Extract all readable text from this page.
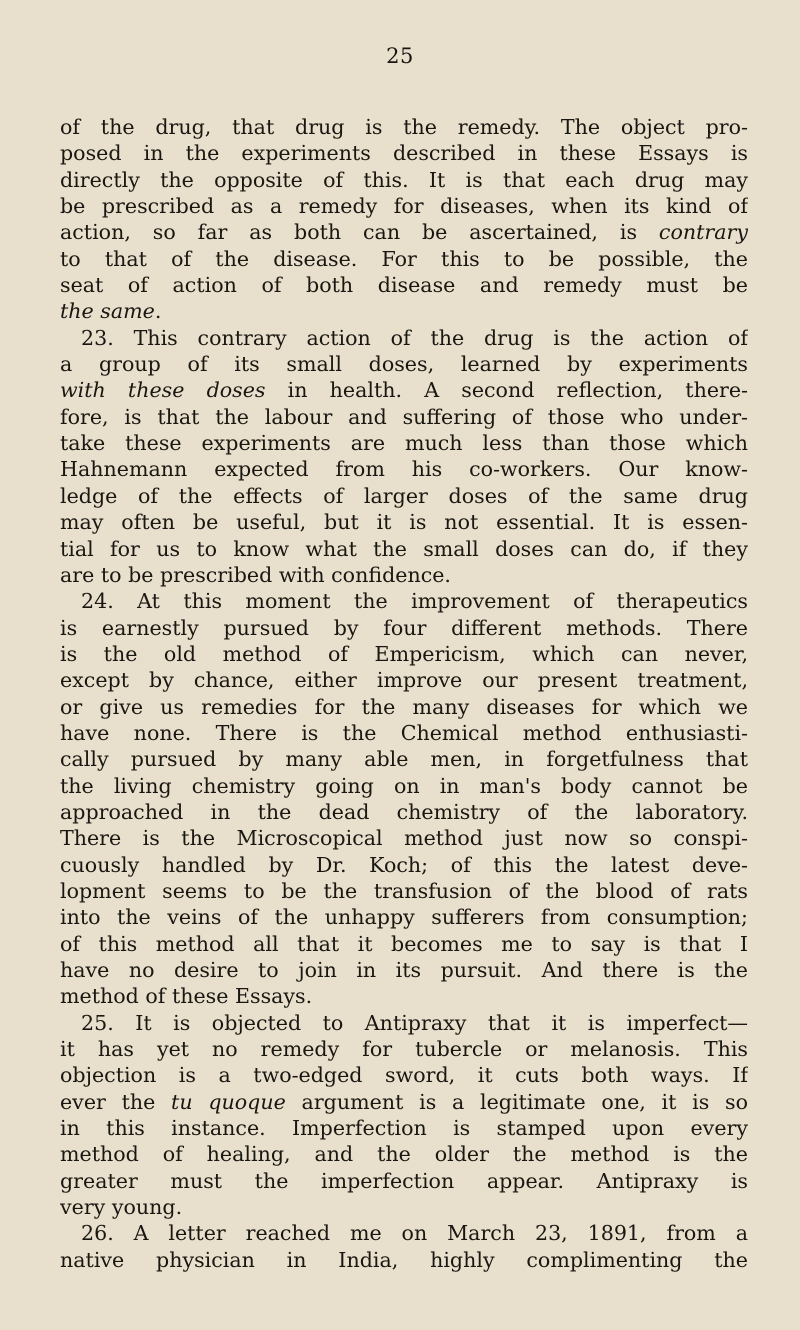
25
of the drug, that drug is the remedy. The object pro-
posed in the experiments described in these Essays is
directly the opposite of this. It is that each drug may
be prescribed as a remedy for diseases, when its kind of
action, so far as both can be ascertained, is contrary
to that of the disease. For this to be possible, the
seat of action of both disease and remedy must be
the same.
23. This contrary action of the drug is the action of
a group of its small doses, learned by experiments
with these doses in health. A second reflection, there-
fore, is that the labour and suffering of those who under-
take these experiments are much less than those which
Hahnemann expected from his co-workers. Our know-
ledge of the effects of larger doses of the same drug
may often be useful, but it is not essential. It is essen-
tial for us to know what the small doses can do, if they
are to be prescribed with confidence.
24. At this moment the improvement of therapeutics
is earnestly pursued by four different methods. There
is the old method of Empericism, which can never,
except by chance, either improve our present treatment,
or give us remedies for the many diseases for which we
have none. There is the Chemical method enthusiasti-
cally pursued by many able men, in forgetfulness that
the living chemistry going on in man's body cannot be
approached in the dead chemistry of the laboratory.
There is the Microscopical method just now so conspi-
cuously handled by Dr. Koch; of this the latest deve-
lopment seems to be the transfusion of the blood of rats
into the veins of the unhappy sufferers from consumption;
of this method all that it becomes me to say is that I
have no desire to join in its pursuit. And there is the
method of these Essays.
25. It is objected to Antipraxy that it is imperfect—
it has yet no remedy for tubercle or melanosis. This
objection is a two-edged sword, it cuts both ways. If
ever the tu quoque argument is a legitimate one, it is so
in this instance. Imperfection is stamped upon every
method of healing, and the older the method is the
greater must the imperfection appear. Antipraxy is
very young.
26. A letter reached me on March 23, 1891, from a
native physician in India, highly complimenting the
